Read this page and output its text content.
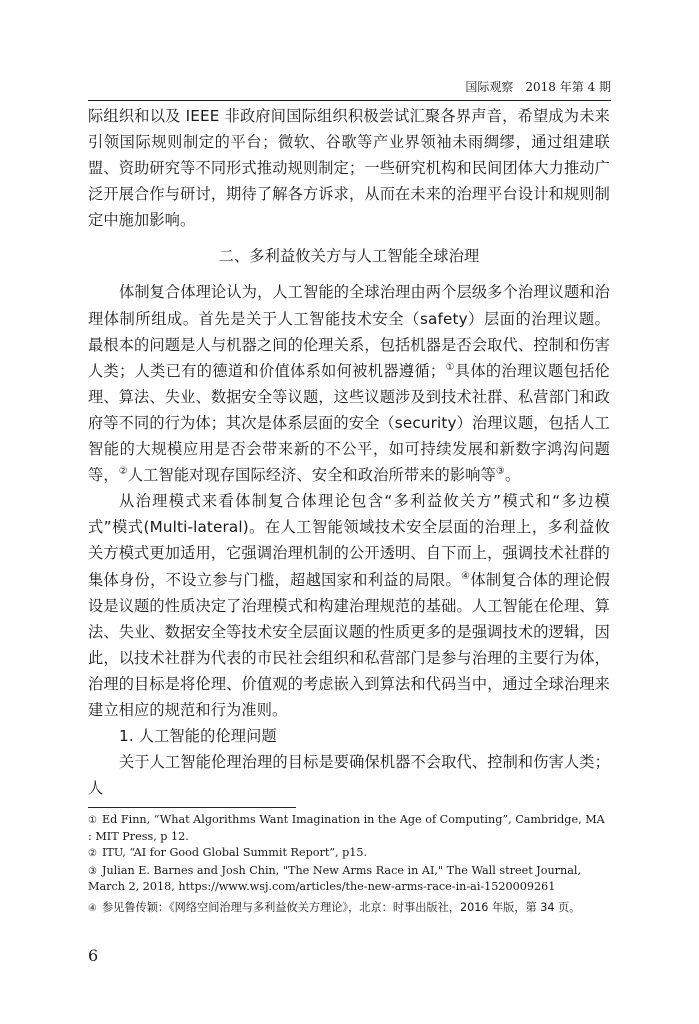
国际观察　2018 年第 4 期

际组织和以及 IEEE 非政府间国际组织积极尝试汇聚各界声音，希望成为未来引领国际规则制定的平台；微软、谷歌等产业界领袖未雨绸缪，通过组建联盟、资助研究等不同形式推动规则制定；一些研究机构和民间团体大力推动广泛开展合作与研讨，期待了解各方诉求，从而在未来的治理平台设计和规则制定中施加影响。

二、多利益攸关方与人工智能全球治理

体制复合体理论认为，人工智能的全球治理由两个层级多个治理议题和治理体制所组成。首先是关于人工智能技术安全（safety）层面的治理议题。最根本的问题是人与机器之间的伦理关系，包括机器是否会取代、控制和伤害人类；人类已有的德道和价值体系如何被机器遵循；①具体的治理议题包括伦理、算法、失业、数据安全等议题，这些议题涉及到技术社群、私营部门和政府等不同的行为体；其次是体系层面的安全（security）治理议题，包括人工智能的大规模应用是否会带来新的不公平，如可持续发展和新数字鸿沟问题等，②人工智能对现存国际经济、安全和政治所带来的影响等③。

从治理模式来看体制复合体理论包含“多利益攸关方”模式和“多边模式”模式(Multi-lateral)。在人工智能领域技术安全层面的治理上，多利益攸关方模式更加适用，它强调治理机制的公开透明、自下而上，强调技术社群的集体身份，不设立参与门槛，超越国家和利益的局限。④体制复合体的理论假设是议题的性质决定了治理模式和构建治理规范的基础。人工智能在伦理、算法、失业、数据安全等技术安全层面议题的性质更多的是强调技术的逻辑，因此，以技术社群为代表的市民社会组织和私营部门是参与治理的主要行为体，治理的目标是将伦理、价值观的考虑嵌入到算法和代码当中，通过全球治理来建立相应的规范和行为准则。

1. 人工智能的伦理问题

关于人工智能伦理治理的目标是要确保机器不会取代、控制和伤害人类；人

① Ed Finn, “What Algorithms Want Imagination in the Age of Computing”, Cambridge, MA : MIT Press, p 12.

② ITU, “AI for Good Global Summit Report”, p15.

③ Julian E. Barnes and Josh Chin, "The New Arms Race in AI," The Wall street Journal, March 2, 2018, https://www.wsj.com/articles/the-new-arms-race-in-ai-1520009261

④ 参见鲁传颖：《网络空间治理与多利益攸关方理论》，北京：时事出版社，2016 年版，第 34 页。

6
